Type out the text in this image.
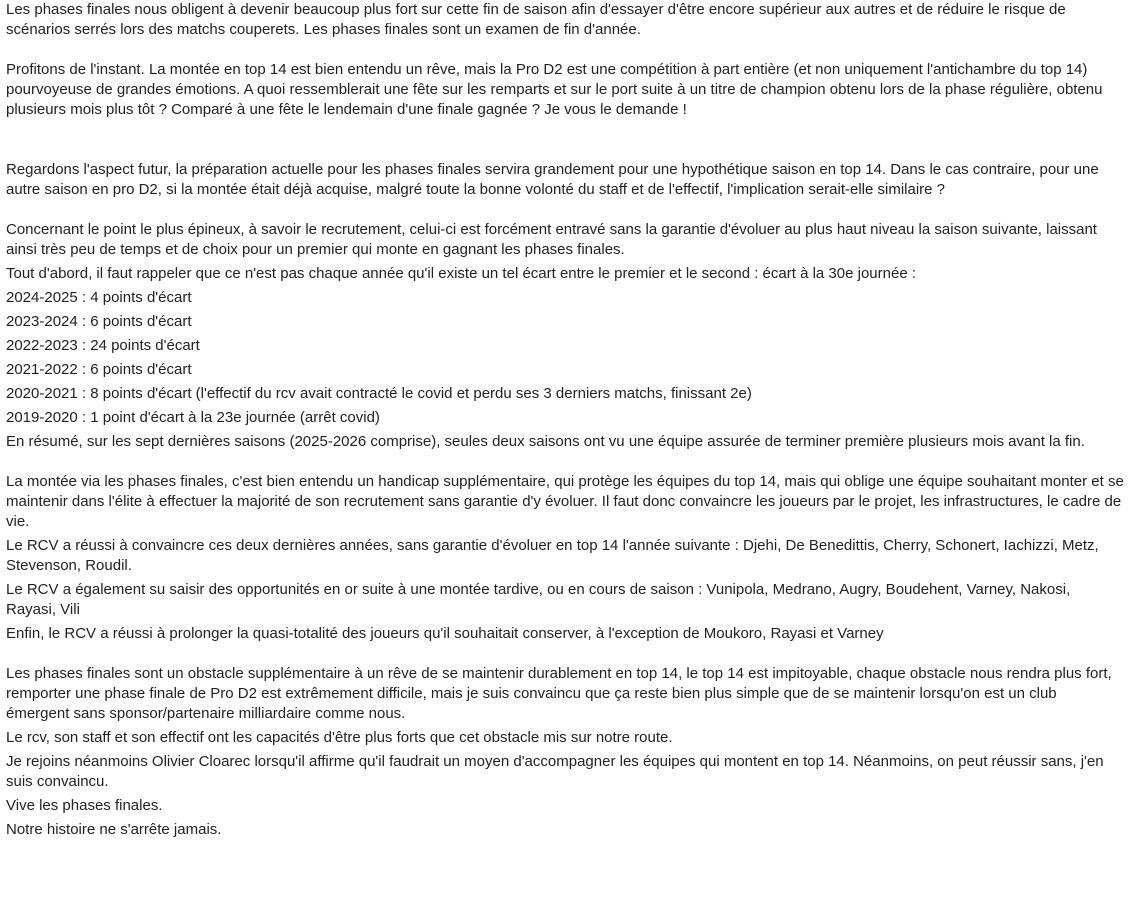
Les phases finales nous obligent à devenir beaucoup plus fort sur cette fin de saison afin d'essayer d'être encore supérieur aux autres et de réduire le risque de scénarios serrés lors des matchs couperets. Les phases finales sont un examen de fin d'année.

Profitons de l'instant. La montée en top 14 est bien entendu un rêve, mais la Pro D2 est une compétition à part entière (et non uniquement l'antichambre du top 14) pourvoyeuse de grandes émotions. A quoi ressemblerait une fête sur les remparts et sur le port suite à un titre de champion obtenu lors de la phase régulière, obtenu plusieurs mois plus tôt ? Comparé à une fête le lendemain d'une finale gagnée ? Je vous le demande !

Regardons l'aspect futur, la préparation actuelle pour les phases finales servira grandement pour une hypothétique saison en top 14. Dans le cas contraire, pour une autre saison en pro D2, si la montée était déjà acquise, malgré toute la bonne volonté du staff et de l'effectif, l'implication serait-elle similaire ?

Concernant le point le plus épineux, à savoir le recrutement, celui-ci est forcément entravé sans la garantie d'évoluer au plus haut niveau la saison suivante, laissant ainsi très peu de temps et de choix pour un premier qui monte en gagnant les phases finales.

Tout d'abord, il faut rappeler que ce n'est pas chaque année qu'il existe un tel écart entre le premier et le second : écart à la 30e journée :

2024-2025 : 4 points d'écart

2023-2024 : 6 points d'écart

2022-2023 : 24 points d'écart

2021-2022 : 6 points d'écart

2020-2021 : 8 points d'écart (l'effectif du rcv avait contracté le covid et perdu ses 3 derniers matchs, finissant 2e)

2019-2020 : 1 point d'écart à la 23e journée (arrêt covid)

En résumé, sur les sept dernières saisons (2025-2026 comprise), seules deux saisons ont vu une équipe assurée de terminer première plusieurs mois avant la fin.

La montée via les phases finales, c'est bien entendu un handicap supplémentaire, qui protège les équipes du top 14, mais qui oblige une équipe souhaitant monter et se maintenir dans l'élite à effectuer la majorité de son recrutement sans garantie d'y évoluer. Il faut donc convaincre les joueurs par le projet, les infrastructures, le cadre de vie.

Le RCV a réussi à convaincre ces deux dernières années, sans garantie d'évoluer en top 14 l'année suivante : Djehi, De Benedittis, Cherry, Schonert, Iachizzi, Metz, Stevenson, Roudil.

Le RCV a également su saisir des opportunités en or suite à une montée tardive, ou en cours de saison : Vunipola, Medrano, Augry, Boudehent, Varney, Nakosi, Rayasi, Vili

Enfin, le RCV a réussi à prolonger la quasi-totalité des joueurs qu'il souhaitait conserver, à l'exception de Moukoro, Rayasi et Varney

Les phases finales sont un obstacle supplémentaire à un rêve de se maintenir durablement en top 14, le top 14 est impitoyable, chaque obstacle nous rendra plus fort, remporter une phase finale de Pro D2 est extrêmement difficile, mais je suis convaincu que ça reste bien plus simple que de se maintenir lorsqu'on est un club émergent sans sponsor/partenaire milliardaire comme nous.

Le rcv, son staff et son effectif ont les capacités d'être plus forts que cet obstacle mis sur notre route.

Je rejoins néanmoins Olivier Cloarec lorsqu'il affirme qu'il faudrait un moyen d'accompagner les équipes qui montent en top 14. Néanmoins, on peut réussir sans, j'en suis convaincu.

Vive les phases finales.

Notre histoire ne s'arrête jamais.
